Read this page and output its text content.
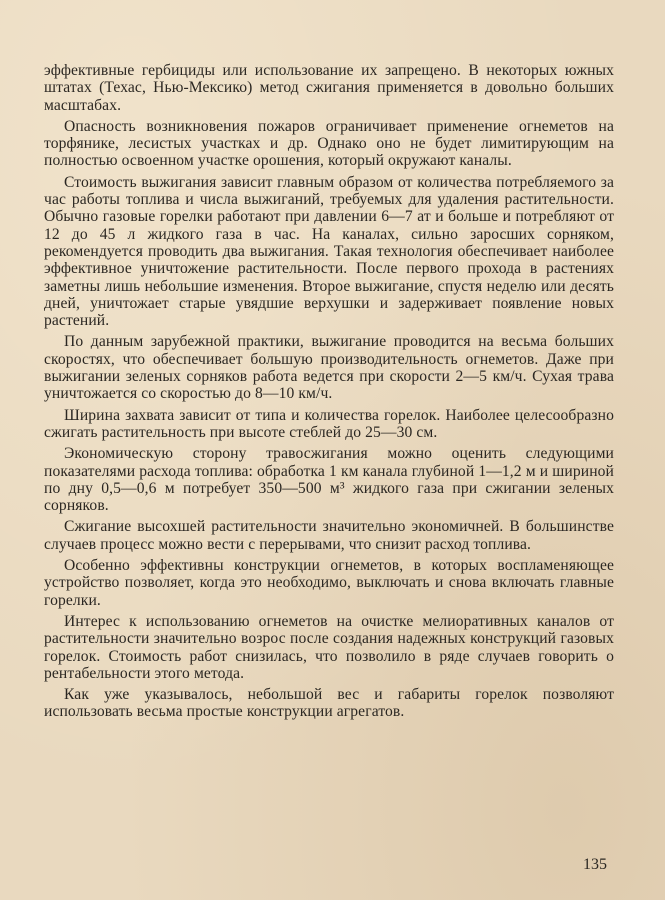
эффективные гербициды или использование их запрещено. В некоторых южных штатах (Техас, Нью-Мексико) метод сжигания применяется в довольно больших масштабах.

Опасность возникновения пожаров ограничивает применение огнеметов на торфянике, лесистых участках и др. Однако оно не будет лимитирующим на полностью освоенном участке орошения, который окружают каналы.

Стоимость выжигания зависит главным образом от количества потребляемого за час работы топлива и числа выжиганий, требуемых для удаления растительности. Обычно газовые горелки работают при давлении 6—7 ат и больше и потребляют от 12 до 45 л жидкого газа в час. На каналах, сильно заросших сорняком, рекомендуется проводить два выжигания. Такая технология обеспечивает наиболее эффективное уничтожение растительности. После первого прохода в растениях заметны лишь небольшие изменения. Второе выжигание, спустя неделю или десять дней, уничтожает старые увядшие верхушки и задерживает появление новых растений.

По данным зарубежной практики, выжигание проводится на весьма больших скоростях, что обеспечивает большую производительность огнеметов. Даже при выжигании зеленых сорняков работа ведется при скорости 2—5 км/ч. Сухая трава уничтожается со скоростью до 8—10 км/ч.

Ширина захвата зависит от типа и количества горелок. Наиболее целесообразно сжигать растительность при высоте стеблей до 25—30 см.

Экономическую сторону травосжигания можно оценить следующими показателями расхода топлива: обработка 1 км канала глубиной 1—1,2 м и шириной по дну 0,5—0,6 м потребует 350—500 м³ жидкого газа при сжигании зеленых сорняков.

Сжигание высохшей растительности значительно экономичней. В большинстве случаев процесс можно вести с перерывами, что снизит расход топлива.

Особенно эффективны конструкции огнеметов, в которых воспламеняющее устройство позволяет, когда это необходимо, выключать и снова включать главные горелки.

Интерес к использованию огнеметов на очистке мелиоративных каналов от растительности значительно возрос после создания надежных конструкций газовых горелок. Стоимость работ снизилась, что позволило в ряде случаев говорить о рентабельности этого метода.

Как уже указывалось, небольшой вес и габариты горелок позволяют использовать весьма простые конструкции агрегатов.

135
